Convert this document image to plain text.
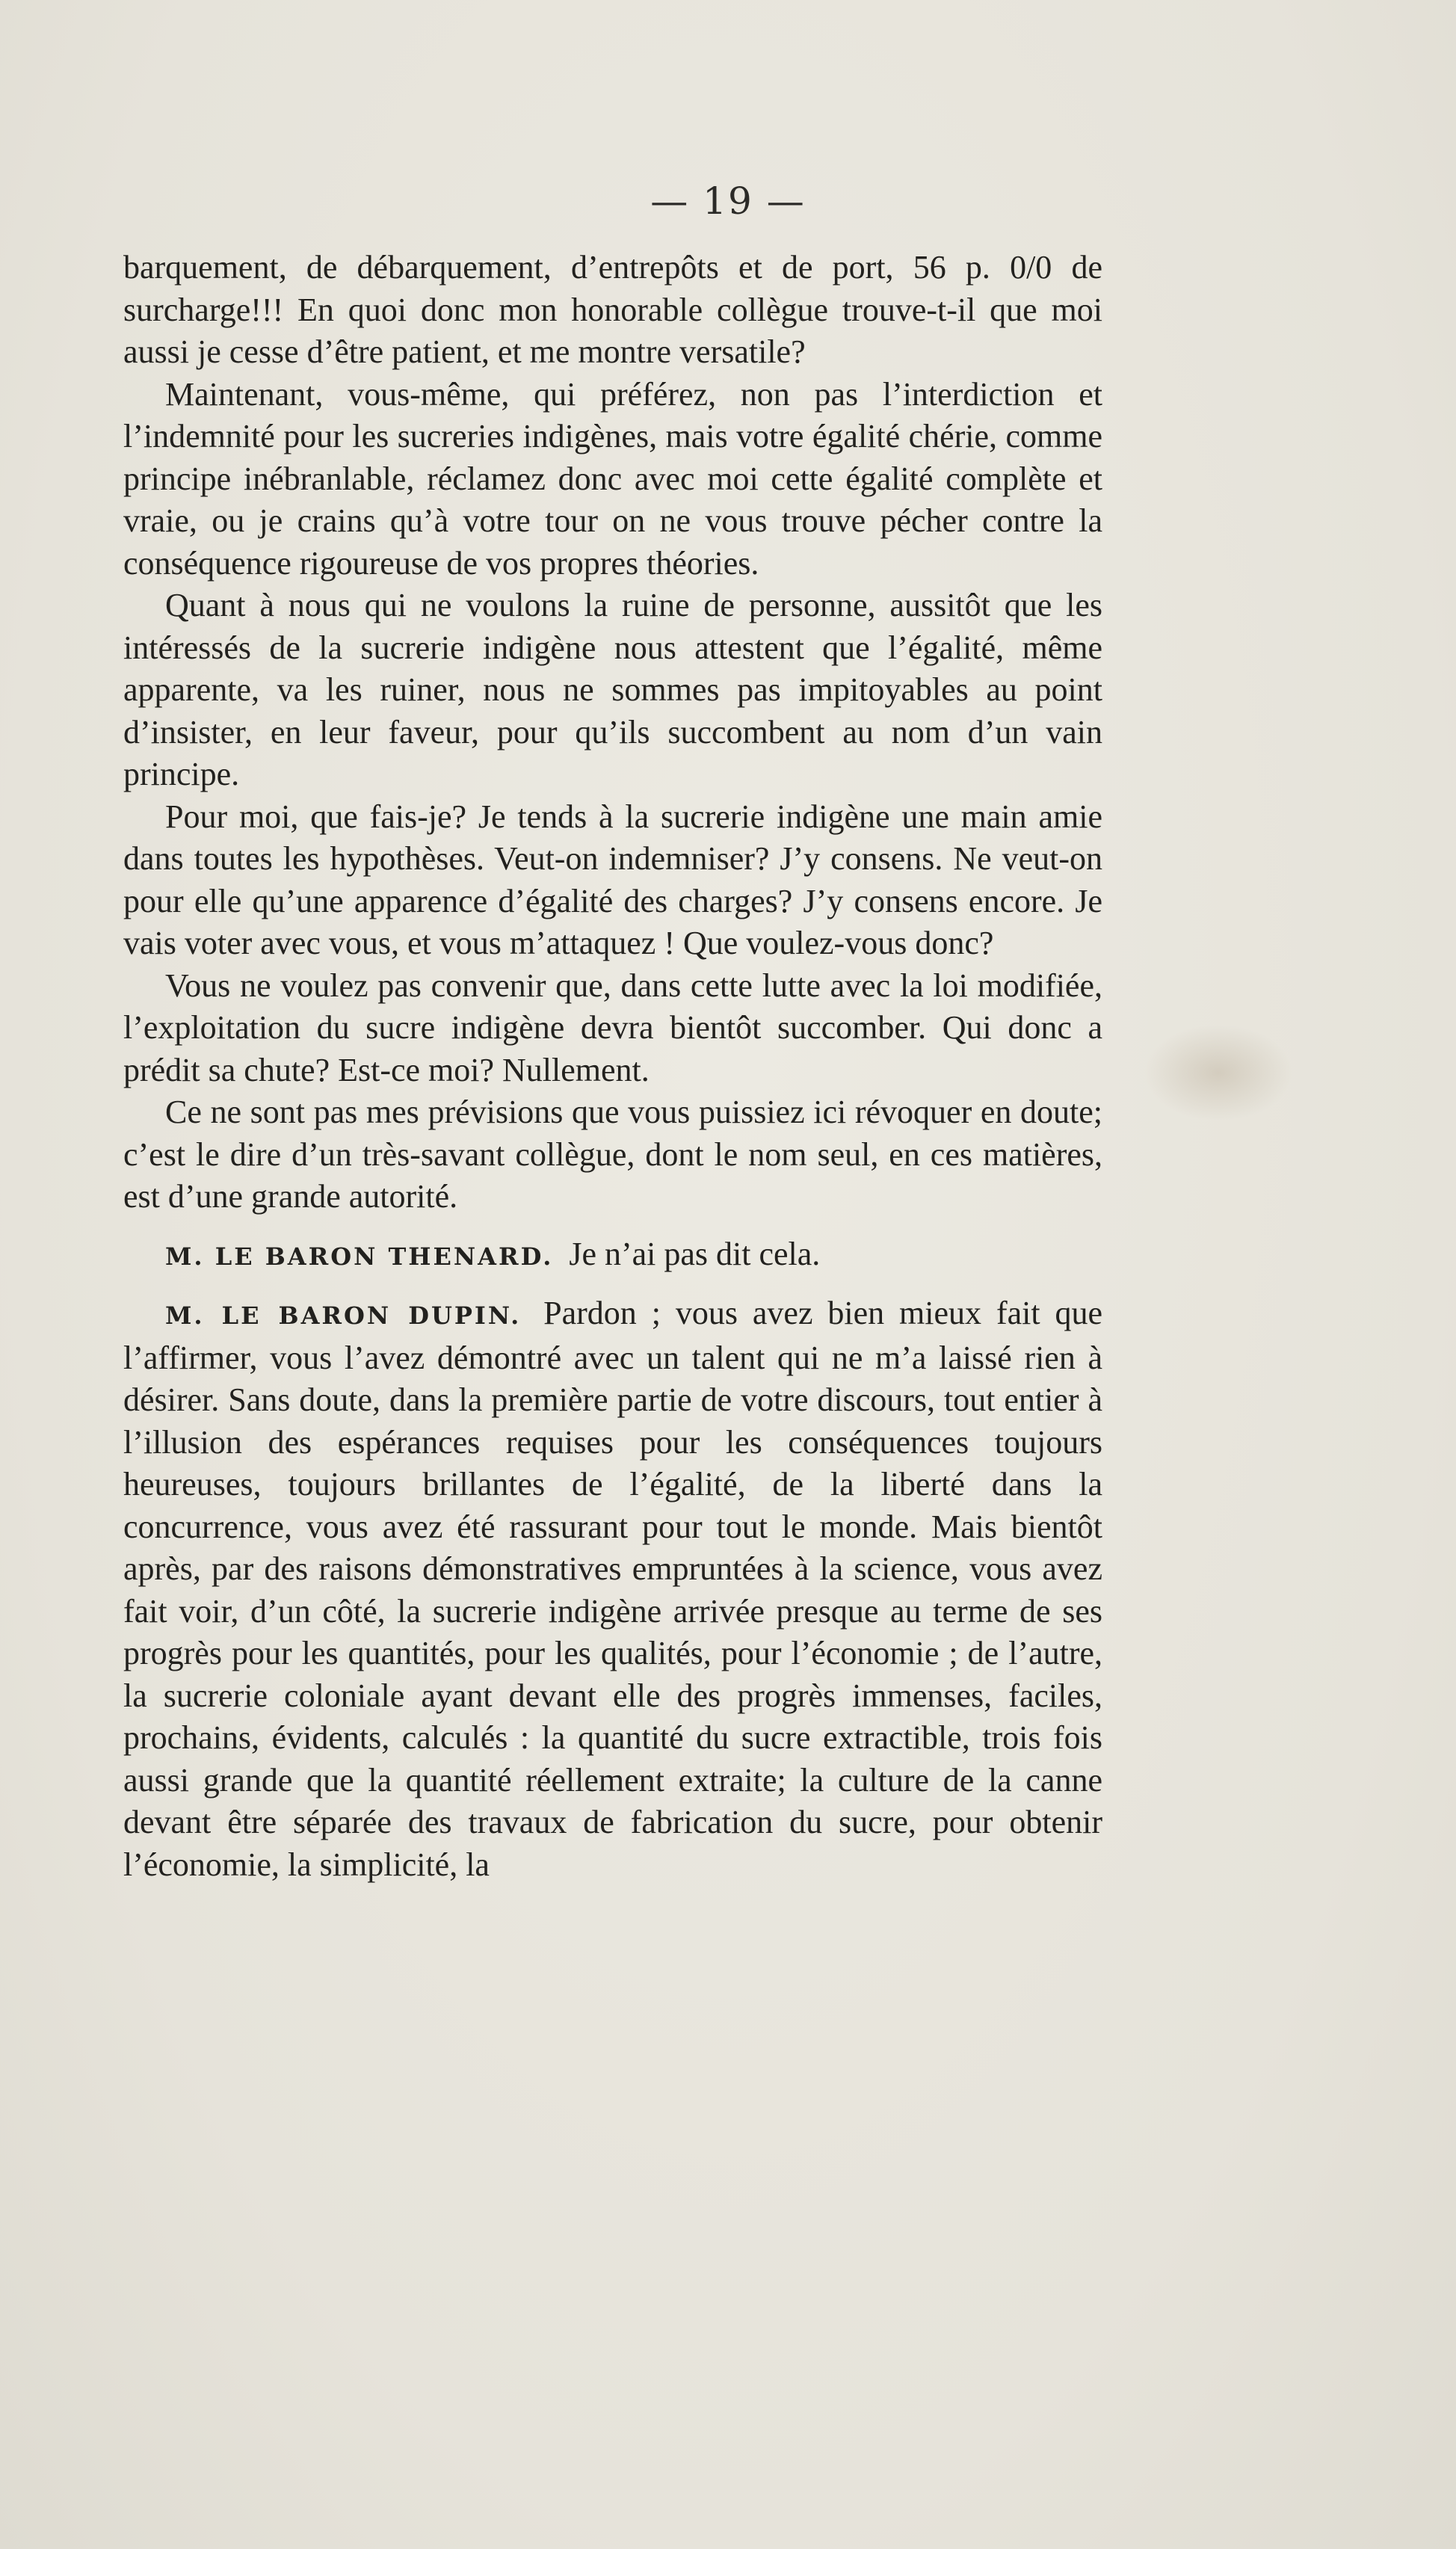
— 19 —

barquement, de débarquement, d’entrepôts et de port, 56 p. 0/0 de surcharge!!! En quoi donc mon honorable collègue trouve-t-il que moi aussi je cesse d’être patient, et me montre versatile?

Maintenant, vous-même, qui préférez, non pas l’interdiction et l’indemnité pour les sucreries indigènes, mais votre égalité chérie, comme principe inébranlable, réclamez donc avec moi cette égalité complète et vraie, ou je crains qu’à votre tour on ne vous trouve pécher contre la conséquence rigoureuse de vos propres théories.

Quant à nous qui ne voulons la ruine de personne, aussitôt que les intéressés de la sucrerie indigène nous attestent que l’égalité, même apparente, va les ruiner, nous ne sommes pas impitoyables au point d’insister, en leur faveur, pour qu’ils succombent au nom d’un vain principe.

Pour moi, que fais-je? Je tends à la sucrerie indigène une main amie dans toutes les hypothèses. Veut-on indemniser? J’y consens. Ne veut-on pour elle qu’une apparence d’égalité des charges? J’y consens encore. Je vais voter avec vous, et vous m’attaquez ! Que voulez-vous donc?

Vous ne voulez pas convenir que, dans cette lutte avec la loi modifiée, l’exploitation du sucre indigène devra bientôt succomber. Qui donc a prédit sa chute? Est-ce moi? Nullement.

Ce ne sont pas mes prévisions que vous puissiez ici révoquer en doute; c’est le dire d’un très-savant collègue, dont le nom seul, en ces matières, est d’une grande autorité.

M. LE BARON THENARD. Je n’ai pas dit cela.

M. LE BARON DUPIN. Pardon ; vous avez bien mieux fait que l’affirmer, vous l’avez démontré avec un talent qui ne m’a laissé rien à désirer. Sans doute, dans la première partie de votre discours, tout entier à l’illusion des espérances requises pour les conséquences toujours heureuses, toujours brillantes de l’égalité, de la liberté dans la concurrence, vous avez été rassurant pour tout le monde. Mais bientôt après, par des raisons démonstratives empruntées à la science, vous avez fait voir, d’un côté, la sucrerie indigène arrivée presque au terme de ses progrès pour les quantités, pour les qualités, pour l’économie ; de l’autre, la sucrerie coloniale ayant devant elle des progrès immenses, faciles, prochains, évidents, calculés : la quantité du sucre extractible, trois fois aussi grande que la quantité réellement extraite; la culture de la canne devant être séparée des travaux de fabrication du sucre, pour obtenir l’économie, la simplicité, la
